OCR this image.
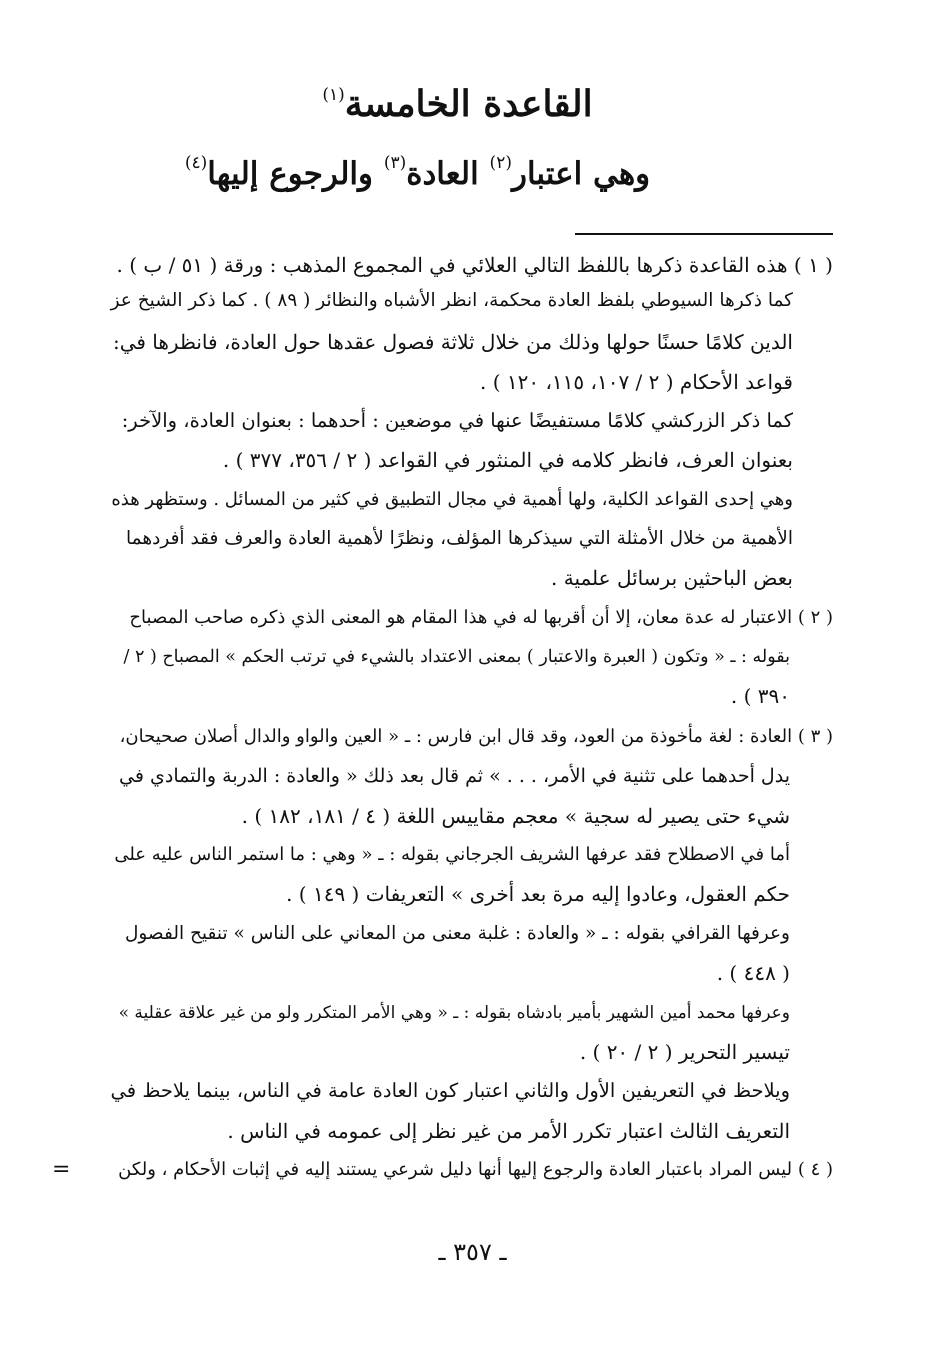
القاعدة الخامسة$^{(١)}$
وهي اعتبار$^{(٢)}$ العادة$^{(٣)}$ والرجوع إليها$^{(٤)}$
( ١ ) هذه القاعدة ذكرها باللفظ التالي العلائي في المجموع المذهب : ورقة ( ٥١ / ب ) .
كما ذكرها السيوطي بلفظ العادة محكمة، انظر الأشباه والنظائر ( ٨٩ ) . كما ذكر الشيخ عز
الدين كلامًا حسنًا حولها وذلك من خلال ثلاثة فصول عقدها حول العادة، فانظرها في:
قواعد الأحكام ( ٢ / ١٠٧، ١١٥، ١٢٠ ) .
كما ذكر الزركشي كلامًا مستفيضًا عنها في موضعين : أحدهما : بعنوان العادة، والآخر:
بعنوان العرف، فانظر كلامه في المنثور في القواعد ( ٢ / ٣٥٦، ٣٧٧ ) .
وهي إحدى القواعد الكلية، ولها أهمية في مجال التطبيق في كثير من المسائل . وستظهر هذه
الأهمية من خلال الأمثلة التي سيذكرها المؤلف، ونظرًا لأهمية العادة والعرف فقد أفردهما
بعض الباحثين برسائل علمية .
( ٢ ) الاعتبار له عدة معان، إلا أن أقربها له في هذا المقام هو المعنى الذي ذكره صاحب المصباح
بقوله : ـ « وتكون ( العبرة والاعتبار ) بمعنى الاعتداد بالشيء في ترتب الحكم » المصباح ( ٢ /
٣٩٠ ) .
( ٣ ) العادة : لغة مأخوذة من العود، وقد قال ابن فارس : ـ « العين والواو والدال أصلان صحيحان،
يدل أحدهما على تثنية في الأمر، . . . » ثم قال بعد ذلك « والعادة : الدربة والتمادي في
شيء حتى يصير له سجية » معجم مقاييس اللغة ( ٤ / ١٨١، ١٨٢ ) .
أما في الاصطلاح فقد عرفها الشريف الجرجاني بقوله : ـ « وهي : ما استمر الناس عليه على
حكم العقول، وعادوا إليه مرة بعد أخرى » التعريفات ( ١٤٩ ) .
وعرفها القرافي بقوله : ـ « والعادة : غلبة معنى من المعاني على الناس » تنقيح الفصول
( ٤٤٨ ) .
وعرفها محمد أمين الشهير بأمير بادشاه بقوله : ـ « وهي الأمر المتكرر ولو من غير علاقة عقلية »
تيسير التحرير ( ٢ / ٢٠ ) .
ويلاحظ في التعريفين الأول والثاني اعتبار كون العادة عامة في الناس، بينما يلاحظ في
التعريف الثالث اعتبار تكرر الأمر من غير نظر إلى عمومه في الناس .
( ٤ ) ليس المراد باعتبار العادة والرجوع إليها أنها دليل شرعي يستند إليه في إثبات الأحكام ، ولكن
=
ـ ٣٥٧ ـ
